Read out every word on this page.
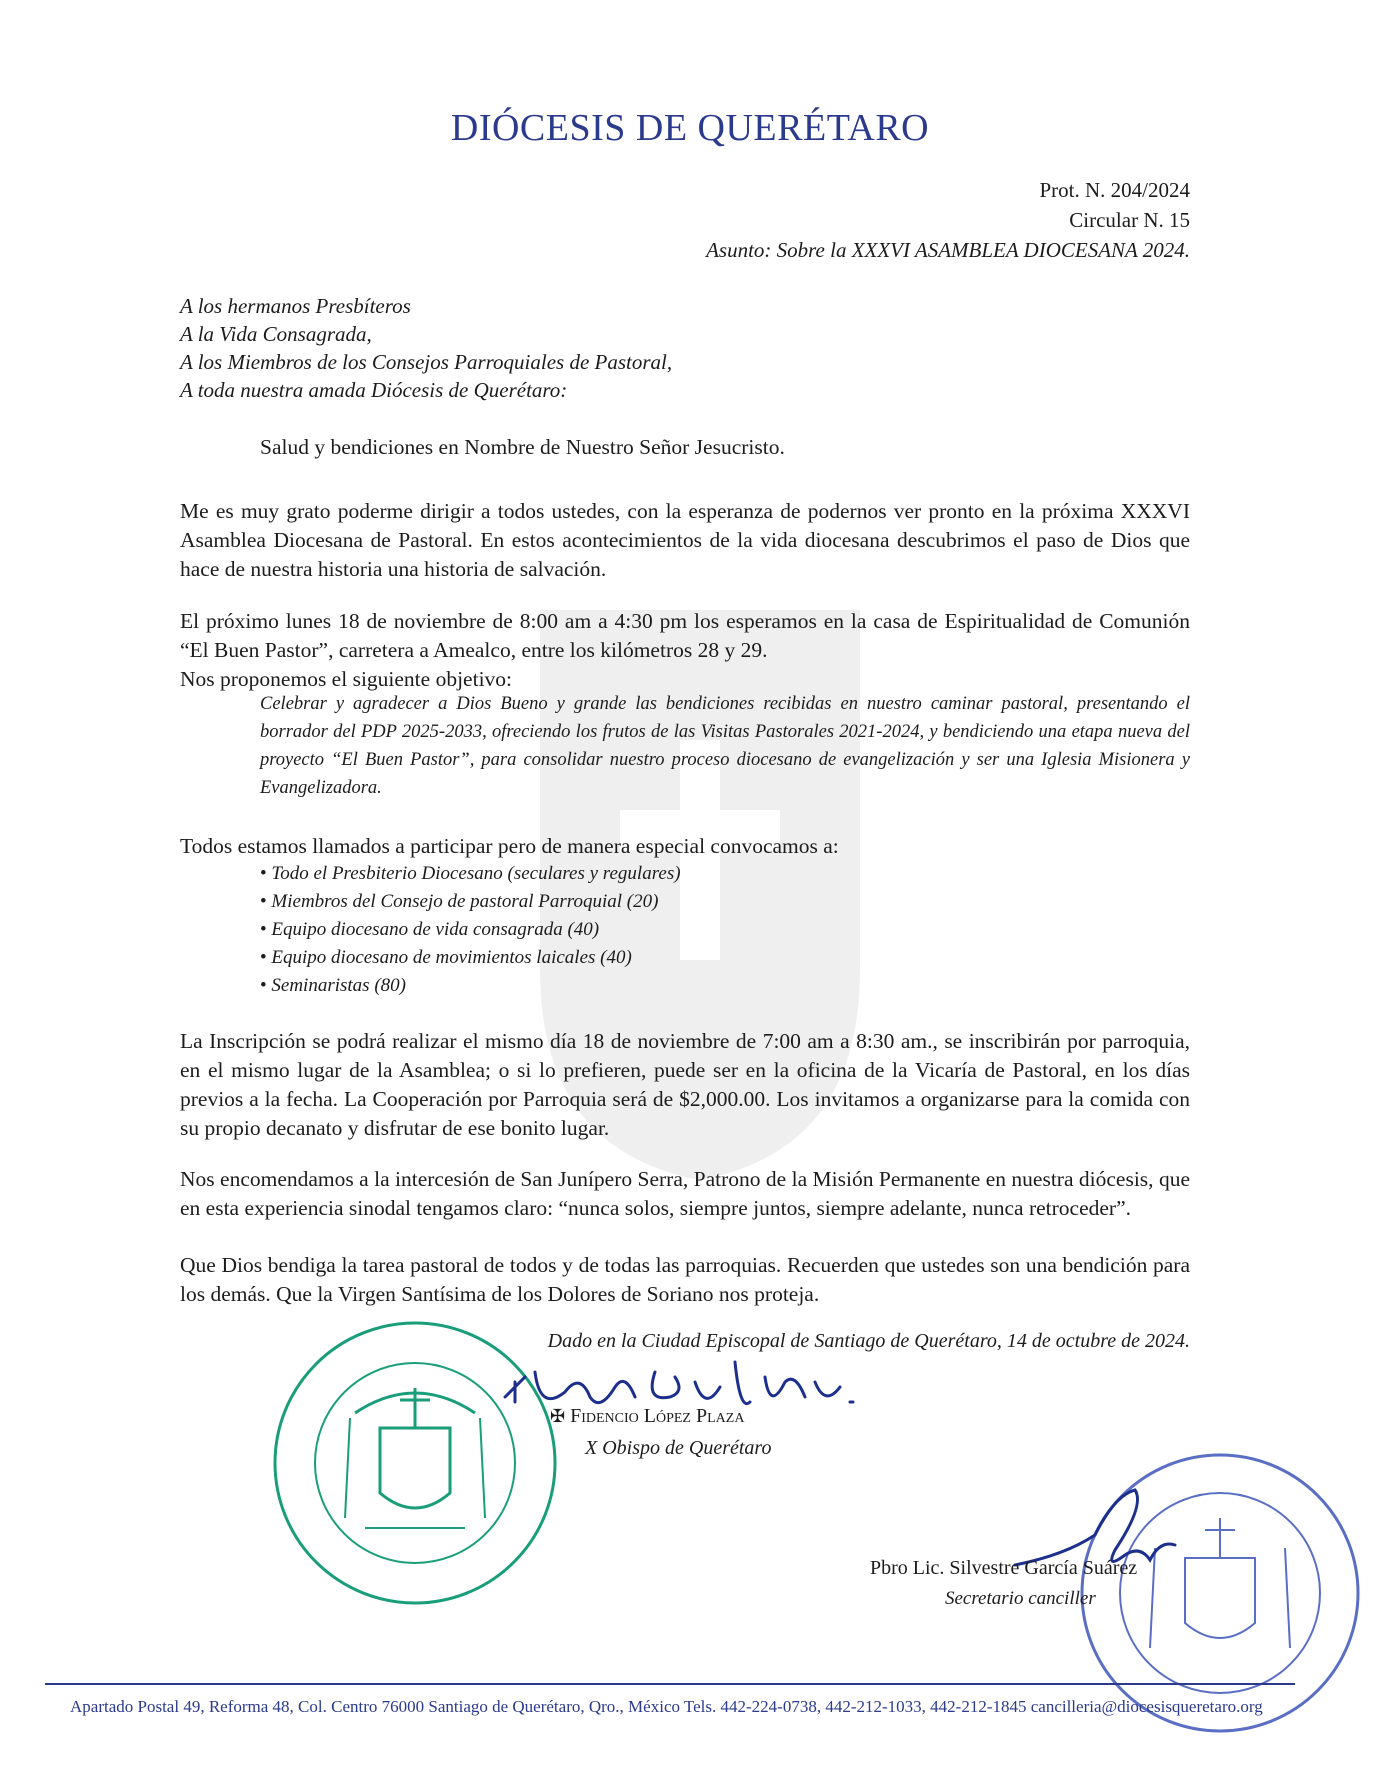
DIÓCESIS DE QUERÉTARO
Prot. N. 204/2024
Circular N. 15
Asunto: Sobre la XXXVI ASAMBLEA DIOCESANA 2024.
A los hermanos Presbíteros
A la Vida Consagrada,
A los Miembros de los Consejos Parroquiales de Pastoral,
A toda nuestra amada Diócesis de Querétaro:
Salud y bendiciones en Nombre de Nuestro Señor Jesucristo.
Me es muy grato poderme dirigir a todos ustedes, con la esperanza de podernos ver pronto en la próxima XXXVI Asamblea Diocesana de Pastoral. En estos acontecimientos de la vida diocesana descubrimos el paso de Dios que hace de nuestra historia una historia de salvación.
El próximo lunes 18 de noviembre de 8:00 am a 4:30 pm los esperamos en la casa de Espiritualidad de Comunión “El Buen Pastor”, carretera a Amealco, entre los kilómetros 28 y 29.
Nos proponemos el siguiente objetivo:
Celebrar y agradecer a Dios Bueno y grande las bendiciones recibidas en nuestro caminar pastoral, presentando el borrador del PDP 2025-2033, ofreciendo los frutos de las Visitas Pastorales 2021-2024, y bendiciendo una etapa nueva del proyecto “El Buen Pastor”, para consolidar nuestro proceso diocesano de evangelización y ser una Iglesia Misionera y Evangelizadora.
Todos estamos llamados a participar pero de manera especial convocamos a:
• Todo el Presbiterio Diocesano (seculares y regulares)
• Miembros del Consejo de pastoral Parroquial (20)
• Equipo diocesano de vida consagrada (40)
• Equipo diocesano de movimientos laicales (40)
• Seminaristas (80)
La Inscripción se podrá realizar el mismo día 18 de noviembre de 7:00 am a 8:30 am., se inscribirán por parroquia, en el mismo lugar de la Asamblea; o si lo prefieren, puede ser en la oficina de la Vicaría de Pastoral, en los días previos a la fecha. La Cooperación por Parroquia será de $2,000.00. Los invitamos a organizarse para la comida con su propio decanato y disfrutar de ese bonito lugar.
Nos encomendamos a la intercesión de San Junípero Serra, Patrono de la Misión Permanente en nuestra diócesis, que en esta experiencia sinodal tengamos claro: “nunca solos, siempre juntos, siempre adelante, nunca retroceder”.
Que Dios bendiga la tarea pastoral de todos y de todas las parroquias. Recuerden que ustedes son una bendición para los demás. Que la Virgen Santísima de los Dolores de Soriano nos proteja.
Dado en la Ciudad Episcopal de Santiago de Querétaro, 14 de octubre de 2024.
✠ Fidencio López Plaza
X Obispo de Querétaro
Pbro Lic. Silvestre García Suárez
Secretario canciller
Apartado Postal 49, Reforma 48, Col. Centro 76000 Santiago de Querétaro, Qro., México Tels. 442-224-0738, 442-212-1033, 442-212-1845 cancilleria@diocesisqueretaro.org
